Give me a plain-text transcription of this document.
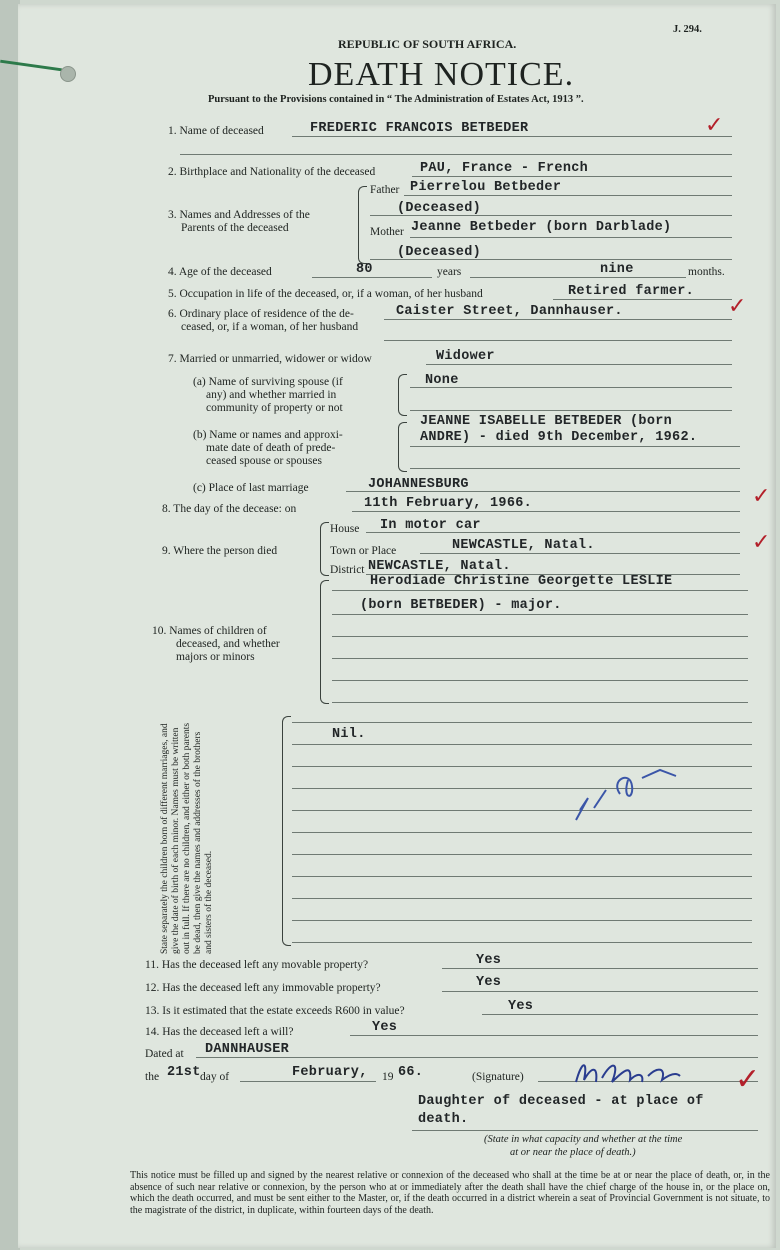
J. 294.
REPUBLIC OF SOUTH AFRICA.
DEATH NOTICE.
Pursuant to the Provisions contained in “ The Administration of Estates Act, 1913 ”.
1. Name of deceased	FREDERIC FRANCOIS BETBEDER	✓
2. Birthplace and Nationality of the deceased	PAU, France - French
3. Names and Addresses of the
Parents of the deceased
Father Pierrelou Betbeder
(Deceased)
Mother Jeanne Betbeder (born Darblade)
(Deceased)
4. Age of the deceased	80	years	nine	months.
5. Occupation in life of the deceased, or, if a woman, of her husband	Retired farmer.
6. Ordinary place of residence of the de-
ceased, or, if a woman, of her husband
Caister Street, Dannhauser.	✓
7. Married or unmarried, widower or widow	Widower
(a) Name of surviving spouse (if
any) and whether married in
community of property or not
None
(b) Name or names and approxi-
mate date of death of prede-
ceased spouse or spouses
JEANNE ISABELLE BETBEDER (born
ANDRE) - died 9th December, 1962.
(c) Place of last marriage	JOHANNESBURG
8. The day of the decease: on	11th February, 1966.	✓
9. Where the person died
House In motor car
Town or Place	NEWCASTLE, Natal.
District NEWCASTLE, Natal.
✓
10. Names of children of
deceased, and whether
majors or minors
Herodiade Christine Georgette LESLIE
(born BETBEDER) - major.
State separately the children born of different marriages, and give the date of birth of each minor. Names must be written out in full. If there are no children, and either or both parents be dead, then give the names and addresses of the brothers and sisters of the deceased.
Nil.
11. Has the deceased left any movable property?	Yes
12. Has the deceased left any immovable property?	Yes
13. Is it estimated that the estate exceeds R600 in value?	Yes
14. Has the deceased left a will?	Yes
Dated at DANNHAUSER
the 21st day of	February, 19 66.	(Signature)	✓
Daughter of deceased - at place of
death.
(State in what capacity and whether at the time
at or near the place of death.)
This notice must be filled up and signed by the nearest relative or connexion of the deceased who shall at the time be at or near the place of death, or, in the absence of such near relative or connexion, by the person who at or immediately after the death shall have the chief charge of the house in, or the place on, which the death occurred, and must be sent either to the Master, or, if the death occurred in a district wherein a seat of Provincial Government is not situate, to the magistrate of the district, in duplicate, within fourteen days of the death.
